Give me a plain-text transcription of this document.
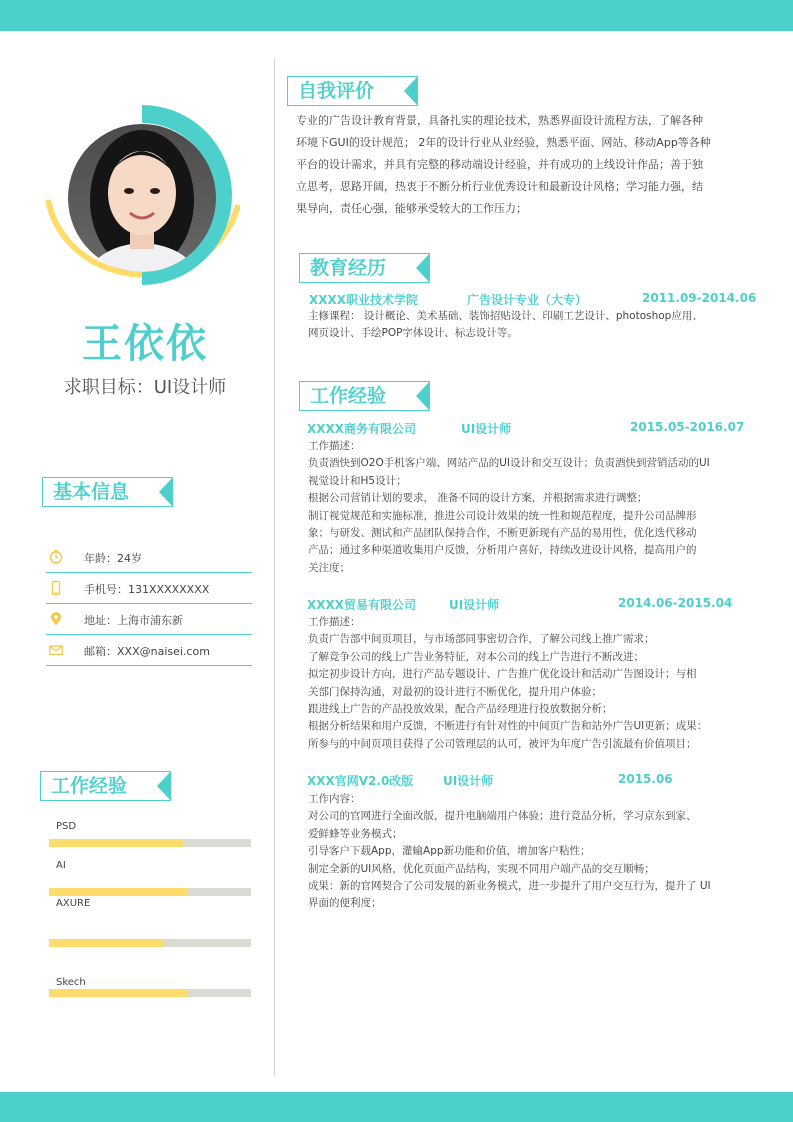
王依依
求职目标：UI设计师
基本信息
年龄：24岁
手机号：131XXXXXXXX
地址：上海市浦东新
邮箱：XXX@naisei.com
工作经验
PSD
AI
AXURE
Skech
自我评价

专业的广告设计教育背景，具备扎实的理论技术，熟悉界面设计流程方法，了解各种

环境下GUI的设计规范； 2年的设计行业从业经验，熟悉平面、网站、移动App等各种

平台的设计需求，并具有完整的移动端设计经验，并有成功的上线设计作品；善于独

立思考，思路开阔，热衷于不断分析行业优秀设计和最新设计风格；学习能力强，结

果导向，责任心强，能够承受较大的工作压力；

教育经历
XXXX职业技术学院	广告设计专业（大专）	2011.09-2014.06
主修课程： 设计概论、美术基础、装饰招贴设计、印刷工艺设计、photoshop应用、
网页设计、手绘POP字体设计、标志设计等。
工作经验
XXXX商务有限公司	UI设计师	2015.05-2016.07
工作描述：
负责酒快到O2O手机客户端、网站产品的UI设计和交互设计；负责酒快到营销活动的UI
视觉设计和H5设计；
根据公司营销计划的要求， 准备不同的设计方案，并根据需求进行调整；
制订视觉规范和实施标准，推进公司设计效果的统一性和规范程度，提升公司品牌形
象；与研发、测试和产品团队保持合作，不断更新现有产品的易用性，优化迭代移动
产品；通过多种渠道收集用户反馈，分析用户喜好，持续改进设计风格，提高用户的
关注度；
XXXX贸易有限公司	UI设计师	2014.06-2015.04
工作描述：
负责广告部中间页项目，与市场部同事密切合作，了解公司线上推广需求；
了解竞争公司的线上广告业务特征，对本公司的线上广告进行不断改进；
拟定初步设计方向，进行产品专题设计、广告推广优化设计和活动广告图设计；与相
关部门保持沟通，对最初的设计进行不断优化，提升用户体验；
跟进线上广告的产品投放效果，配合产品经理进行投放数据分析；
根据分析结果和用户反馈，不断进行有针对性的中间页广告和站外广告UI更新；成果：
所参与的中间页项目获得了公司管理层的认可，被评为年度广告引流最有价值项目；
XXX官网V2.0改版 UI设计师	2015.06
工作内容：
对公司的官网进行全面改版，提升电脑端用户体验；进行竞品分析，学习京东到家、
爱鲜蜂等业务模式；
引导客户下载App，灌输App新功能和价值，增加客户粘性；
制定全新的UI风格，优化页面产品结构，实现不同用户端产品的交互顺畅；
成果：新的官网契合了公司发展的新业务模式，进一步提升了用户交互行为，提升了 UI
界面的便利度；
